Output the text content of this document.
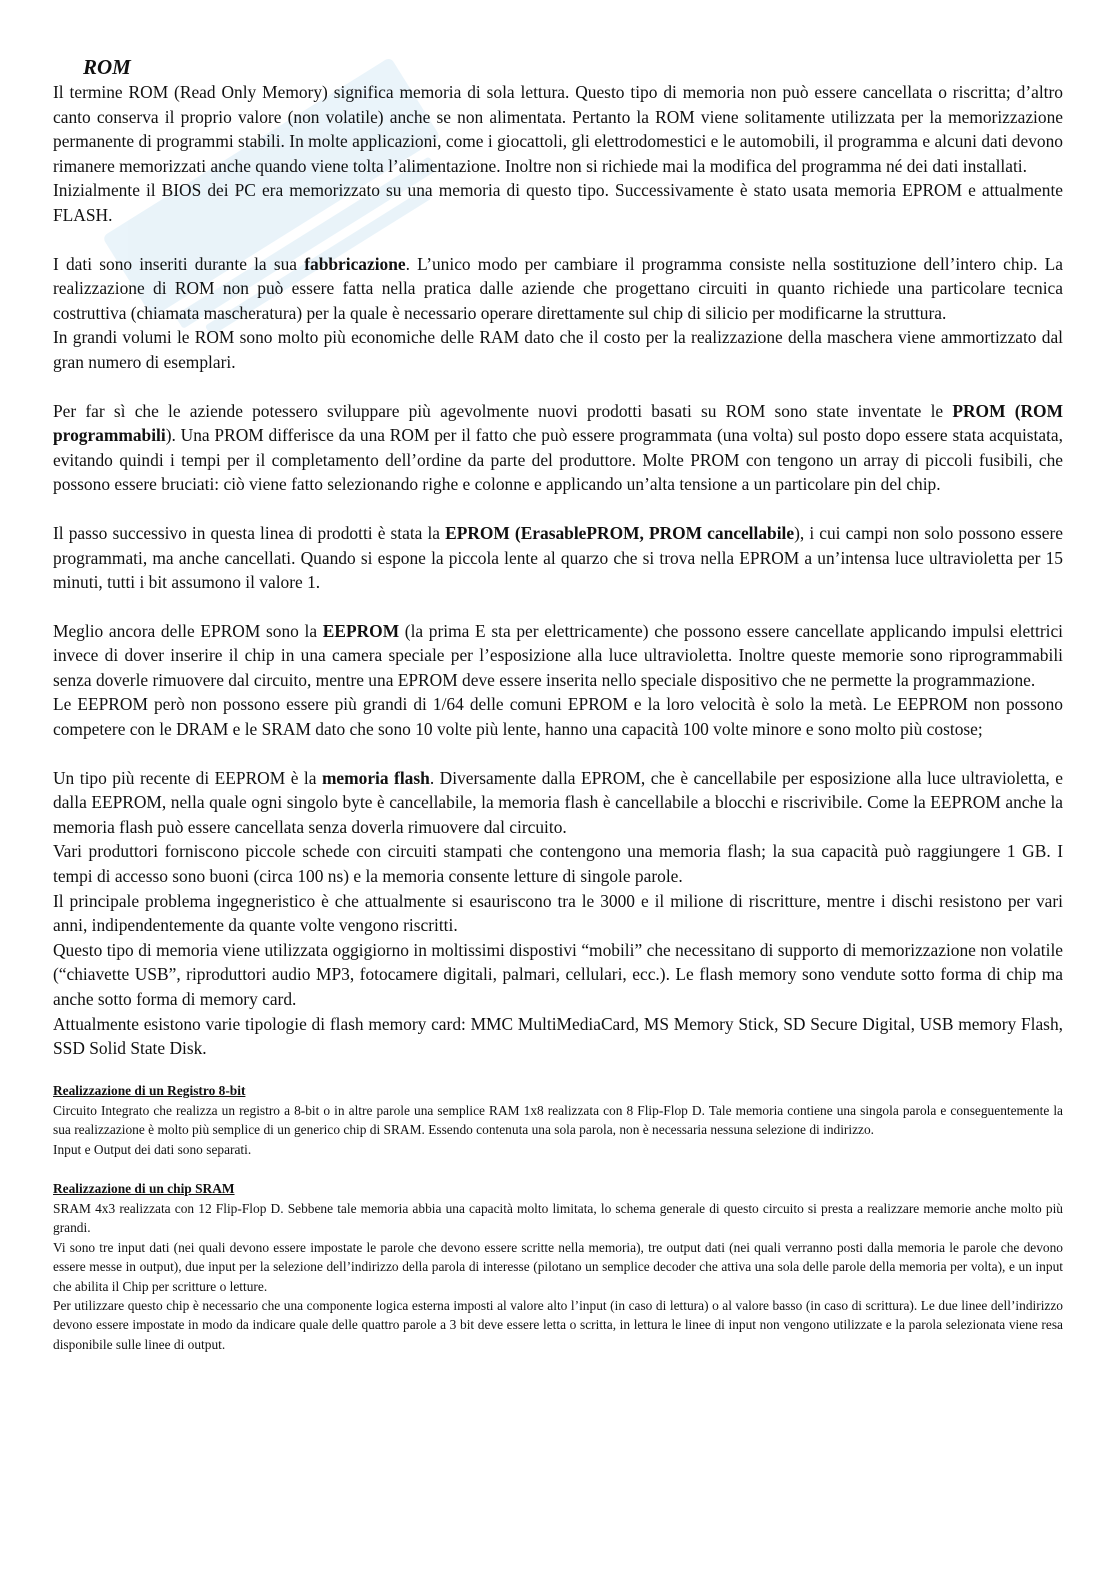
ROM

Il termine ROM (Read Only Memory) significa memoria di sola lettura. Questo tipo di memoria non può essere cancellata o riscritta; d’altro canto conserva il proprio valore (non volatile) anche se non alimentata. Pertanto la ROM viene solitamente utilizzata per la memorizzazione permanente di programmi stabili. In molte applicazioni, come i giocattoli, gli elettrodomestici e le automobili, il programma e alcuni dati devono rimanere memorizzati anche quando viene tolta l’alimentazione. Inoltre non si richiede mai la modifica del programma né dei dati installati.

Inizialmente il BIOS dei PC era memorizzato su una memoria di questo tipo. Successivamente è stato usata memoria EPROM e attualmente FLASH.

I dati sono inseriti durante la sua fabbricazione. L’unico modo per cambiare il programma consiste nella sostituzione dell’intero chip. La realizzazione di ROM non può essere fatta nella pratica dalle aziende che progettano circuiti in quanto richiede una particolare tecnica costruttiva (chiamata mascheratura) per la quale è necessario operare direttamente sul chip di silicio per modificarne la struttura.

In grandi volumi le ROM sono molto più economiche delle RAM dato che il costo per la realizzazione della maschera viene ammortizzato dal gran numero di esemplari.

Per far sì che le aziende potessero sviluppare più agevolmente nuovi prodotti basati su ROM sono state inventate le PROM (ROM programmabili). Una PROM differisce da una ROM per il fatto che può essere programmata (una volta) sul posto dopo essere stata acquistata, evitando quindi i tempi per il completamento dell’ordine da parte del produttore. Molte PROM con tengono un array di piccoli fusibili, che possono essere bruciati: ciò viene fatto selezionando righe e colonne e applicando un’alta tensione a un particolare pin del chip.

Il passo successivo in questa linea di prodotti è stata la EPROM (ErasablePROM, PROM cancellabile), i cui campi non solo possono essere programmati, ma anche cancellati. Quando si espone la piccola lente al quarzo che si trova nella EPROM a un’intensa luce ultravioletta per 15 minuti, tutti i bit assumono il valore 1.

Meglio ancora delle EPROM sono la EEPROM (la prima E sta per elettricamente) che possono essere cancellate applicando impulsi elettrici invece di dover inserire il chip in una camera speciale per l’esposizione alla luce ultravioletta. Inoltre queste memorie sono riprogrammabili senza doverle rimuovere dal circuito, mentre una EPROM deve essere inserita nello speciale dispositivo che ne permette la programmazione.

Le EEPROM però non possono essere più grandi di 1/64 delle comuni EPROM e la loro velocità è solo la metà. Le EEPROM non possono competere con le DRAM e le SRAM dato che sono 10 volte più lente, hanno una capacità 100 volte minore e sono molto più costose;

Un tipo più recente di EEPROM è la memoria flash. Diversamente dalla EPROM, che è cancellabile per esposizione alla luce ultravioletta, e dalla EEPROM, nella quale ogni singolo byte è cancellabile, la memoria flash è cancellabile a blocchi e riscrivibile. Come la EEPROM anche la memoria flash può essere cancellata senza doverla rimuovere dal circuito.

Vari produttori forniscono piccole schede con circuiti stampati che contengono una memoria flash; la sua capacità può raggiungere 1 GB. I tempi di accesso sono buoni (circa 100 ns) e la memoria consente letture di singole parole.

Il principale problema ingegneristico è che attualmente si esauriscono tra le 3000 e il milione di riscritture, mentre i dischi resistono per vari anni, indipendentemente da quante volte vengono riscritti.

Questo tipo di memoria viene utilizzata oggigiorno in moltissimi dispostivi “mobili” che necessitano di supporto di memorizzazione non volatile (“chiavette USB”, riproduttori audio MP3, fotocamere digitali, palmari, cellulari, ecc.). Le flash memory sono vendute sotto forma di chip ma anche sotto forma di memory card.

Attualmente esistono varie tipologie di flash memory card: MMC MultiMediaCard, MS Memory Stick, SD Secure Digital, USB memory Flash, SSD Solid State Disk.

Realizzazione di un Registro 8-bit

Circuito Integrato che realizza un registro a 8-bit o in altre parole una semplice RAM 1x8 realizzata con 8 Flip-Flop D. Tale memoria contiene una singola parola e conseguentemente la sua realizzazione è molto più semplice di un generico chip di SRAM. Essendo contenuta una sola parola, non è necessaria nessuna selezione di indirizzo.

Input e Output dei dati sono separati.

Realizzazione di un chip SRAM

SRAM 4x3 realizzata con 12 Flip-Flop D. Sebbene tale memoria abbia una capacità molto limitata, lo schema generale di questo circuito si presta a realizzare memorie anche molto più grandi.

Vi sono tre input dati (nei quali devono essere impostate le parole che devono essere scritte nella memoria), tre output dati (nei quali verranno posti dalla memoria le parole che devono essere messe in output), due input per la selezione dell’indirizzo della parola di interesse (pilotano un semplice decoder che attiva una sola delle parole della memoria per volta), e un input che abilita il Chip per scritture o letture.

Per utilizzare questo chip è necessario che una componente logica esterna imposti al valore alto l’input (in caso di lettura) o al valore basso (in caso di scrittura). Le due linee dell’indirizzo devono essere impostate in modo da indicare quale delle quattro parole a 3 bit deve essere letta o scritta, in lettura le linee di input non vengono utilizzate e la parola selezionata viene resa disponibile sulle linee di output.
